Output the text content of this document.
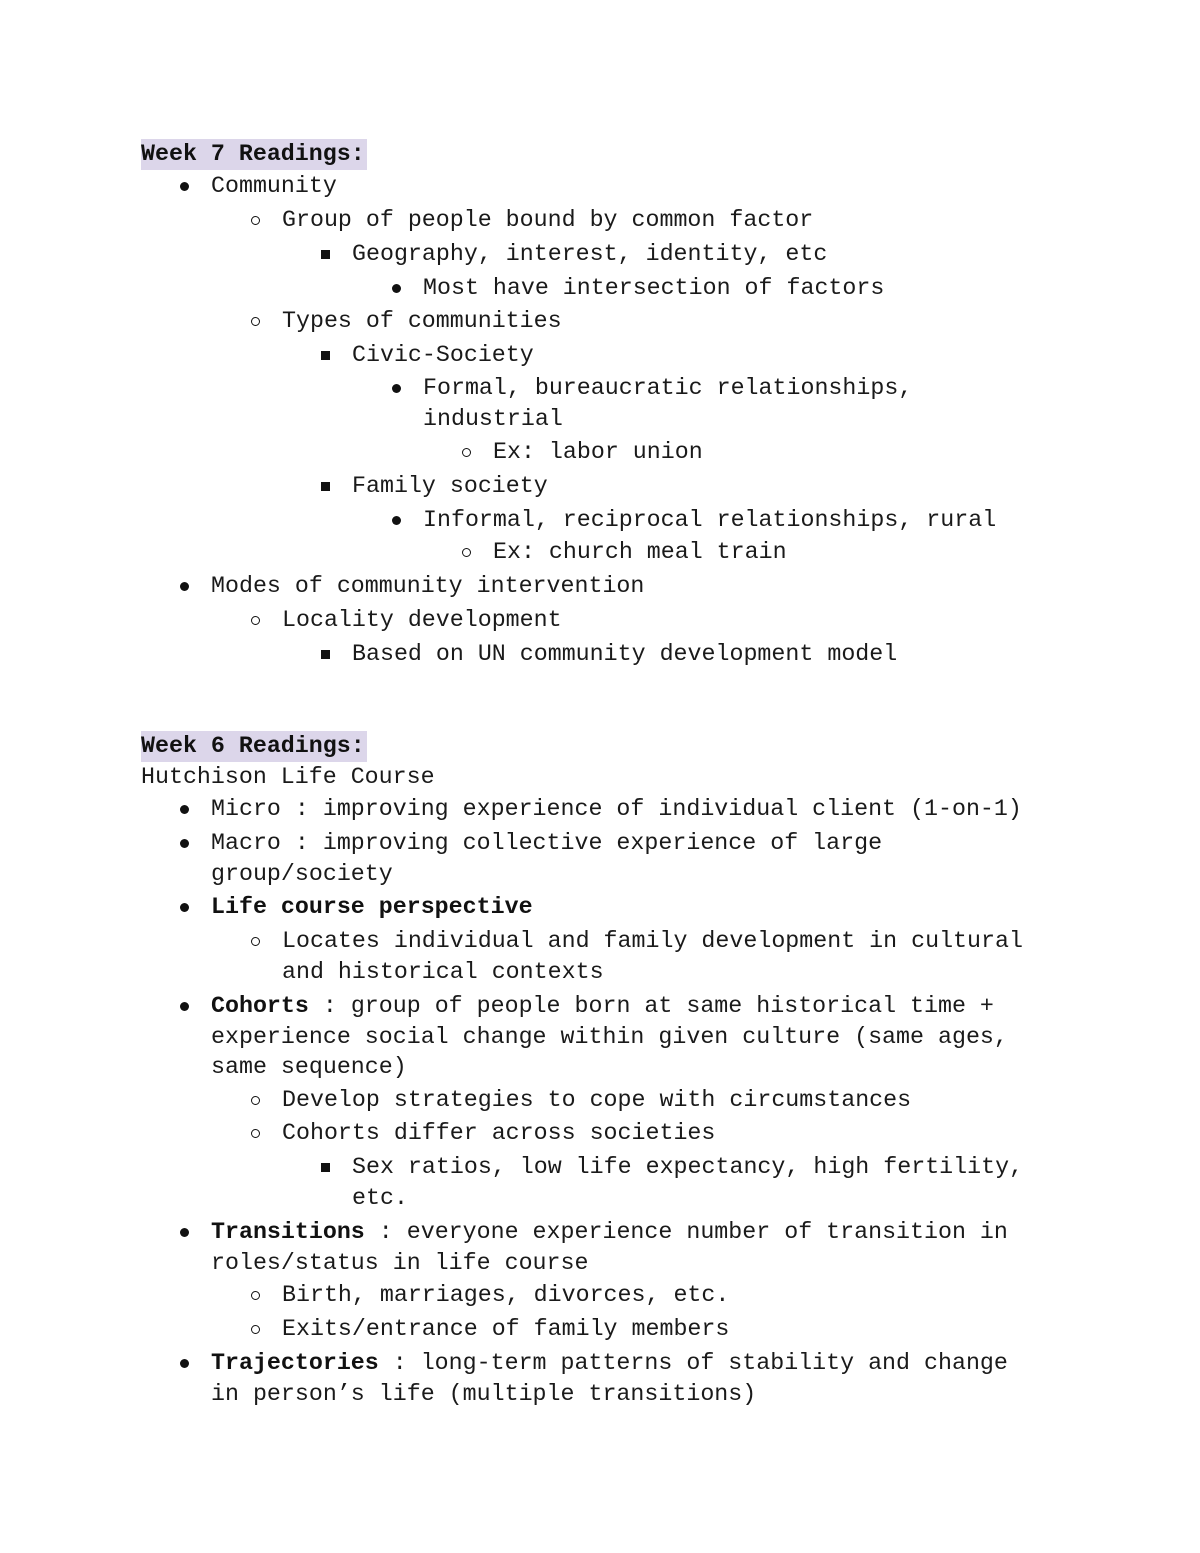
Week 7 Readings:
Community
Group of people bound by common factor
Geography, interest, identity, etc
Most have intersection of factors
Types of communities
Civic-Society
Formal, bureaucratic relationships,
industrial
Ex: labor union
Family society
Informal, reciprocal relationships, rural
Ex: church meal train
Modes of community intervention
Locality development
Based on UN community development model
Week 6 Readings:
Hutchison Life Course
Micro : improving experience of individual client (1-on-1)
Macro : improving collective experience of large
group/society
Life course perspective
Locates individual and family development in cultural
and historical contexts
Cohorts : group of people born at same historical time +
experience social change within given culture (same ages,
same sequence)
Develop strategies to cope with circumstances
Cohorts differ across societies
Sex ratios, low life expectancy, high fertility,
etc.
Transitions : everyone experience number of transition in
roles/status in life course
Birth, marriages, divorces, etc.
Exits/entrance of family members
Trajectories : long-term patterns of stability and change
in person’s life (multiple transitions)
